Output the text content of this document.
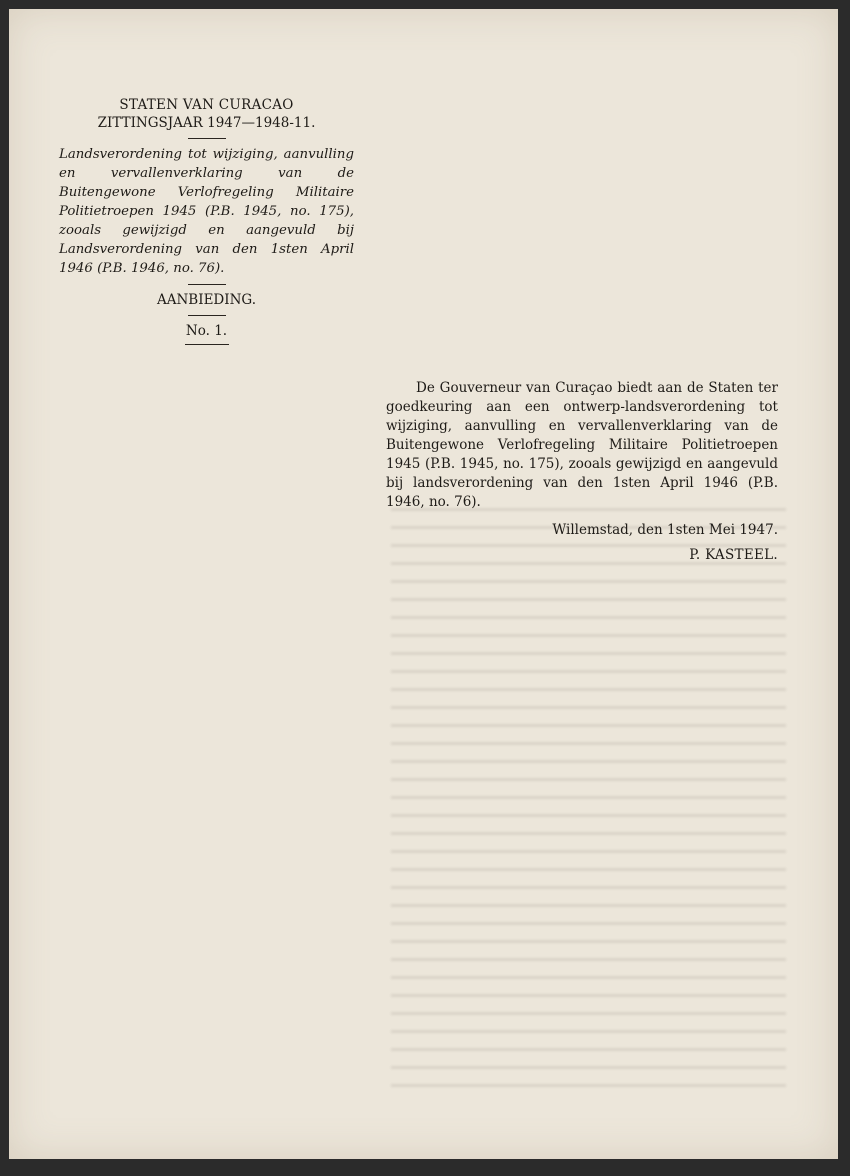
STATEN VAN CURACAO

ZITTINGSJAAR 1947—1948-11.

Landsverordening tot wijziging, aanvulling en vervallenverklaring van de Buitengewone Verlofregeling Militaire Politietroepen 1945 (P.B. 1945, no. 175), zooals gewijzigd en aangevuld bij Landsverordening van den 1sten April 1946 (P.B. 1946, no. 76).

AANBIEDING.

No. 1.

De Gouverneur van Curaçao biedt aan de Staten ter goedkeuring aan een ontwerp-landsverordening tot wijziging, aanvulling en vervallenverklaring van de Buitengewone Verlofregeling Militaire Politietroepen 1945 (P.B. 1945, no. 175), zooals gewijzigd en aangevuld bij landsverordening van den 1sten April 1946 (P.B. 1946, no. 76).

Willemstad, den 1sten Mei 1947.

P. KASTEEL.
